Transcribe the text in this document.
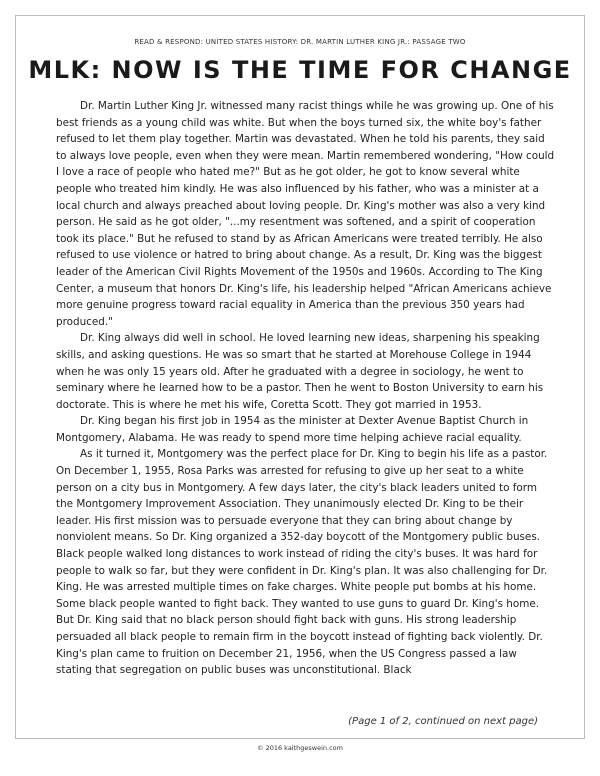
READ & RESPOND: UNITED STATES HISTORY: DR. MARTIN LUTHER KING JR.: PASSAGE TWO
MLK: NOW IS THE TIME FOR CHANGE

Dr. Martin Luther King Jr. witnessed many racist things while he was growing up. One of his best friends as a young child was white. But when the boys turned six, the white boy's father refused to let them play together. Martin was devastated. When he told his parents, they said to always love people, even when they were mean. Martin remembered wondering, "How could I love a race of people who hated me?" But as he got older, he got to know several white people who treated him kindly. He was also influenced by his father, who was a minister at a local church and always preached about loving people. Dr. King's mother was also a very kind person. He said as he got older, "...my resentment was softened, and a spirit of cooperation took its place." But he refused to stand by as African Americans were treated terribly. He also refused to use violence or hatred to bring about change. As a result, Dr. King was the biggest leader of the American Civil Rights Movement of the 1950s and 1960s. According to The King Center, a museum that honors Dr. King's life, his leadership helped "African Americans achieve more genuine progress toward racial equality in America than the previous 350 years had produced."

Dr. King always did well in school. He loved learning new ideas, sharpening his speaking skills, and asking questions. He was so smart that he started at Morehouse College in 1944 when he was only 15 years old. After he graduated with a degree in sociology, he went to seminary where he learned how to be a pastor. Then he went to Boston University to earn his doctorate. This is where he met his wife, Coretta Scott. They got married in 1953.

Dr. King began his first job in 1954 as the minister at Dexter Avenue Baptist Church in Montgomery, Alabama. He was ready to spend more time helping achieve racial equality.

As it turned it, Montgomery was the perfect place for Dr. King to begin his life as a pastor. On December 1, 1955, Rosa Parks was arrested for refusing to give up her seat to a white person on a city bus in Montgomery. A few days later, the city's black leaders united to form the Montgomery Improvement Association. They unanimously elected Dr. King to be their leader. His first mission was to persuade everyone that they can bring about change by nonviolent means. So Dr. King organized a 352-day boycott of the Montgomery public buses. Black people walked long distances to work instead of riding the city's buses. It was hard for people to walk so far, but they were confident in Dr. King's plan. It was also challenging for Dr. King. He was arrested multiple times on fake charges. White people put bombs at his home. Some black people wanted to fight back. They wanted to use guns to guard Dr. King's home. But Dr. King said that no black person should fight back with guns. His strong leadership persuaded all black people to remain firm in the boycott instead of fighting back violently. Dr. King's plan came to fruition on December 21, 1956, when the US Congress passed a law stating that segregation on public buses was unconstitutional. Black

(Page 1 of 2, continued on next page)
© 2016 kaithgeswein.com
